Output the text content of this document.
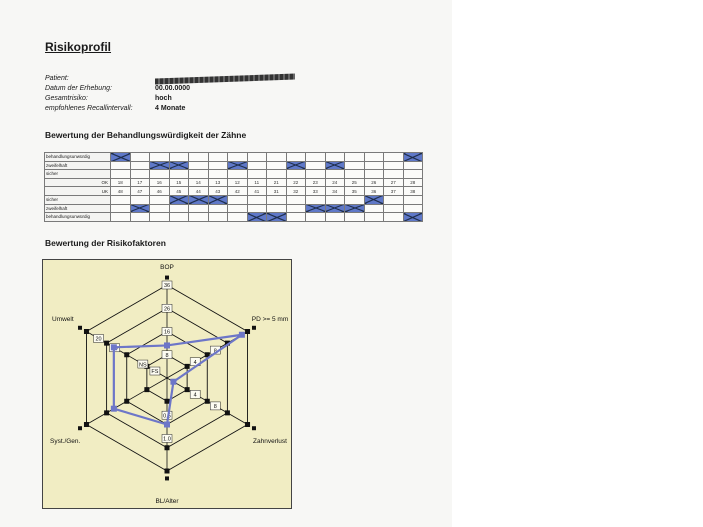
Risikoprofil
Patient:
Datum der Erhebung:	00.00.0000
Gesamtrisiko:	hoch
empfohlenes Recallintervall:	4 Monate
Bewertung der Behandlungswürdigkeit der Zähne
behandlungsunwürdig																
zweifelhaft																
sicher																
OK	18	17	16	15	14	13	12	11	21	22	23	24	25	26	27	28
UK	48	47	46	45	44	43	42	41	31	32	33	34	35	36	37	38
sicher																
zweifelhaft																
behandlungsunwürdig																
Bewertung der Risikofaktoren
36
26
16
8
8
4
8
4
1.0
0.5
20
NS
FS
BOP
PD >= 5 mm
Zahnverlust
BL/Alter
Syst./Gen.
Umwelt
